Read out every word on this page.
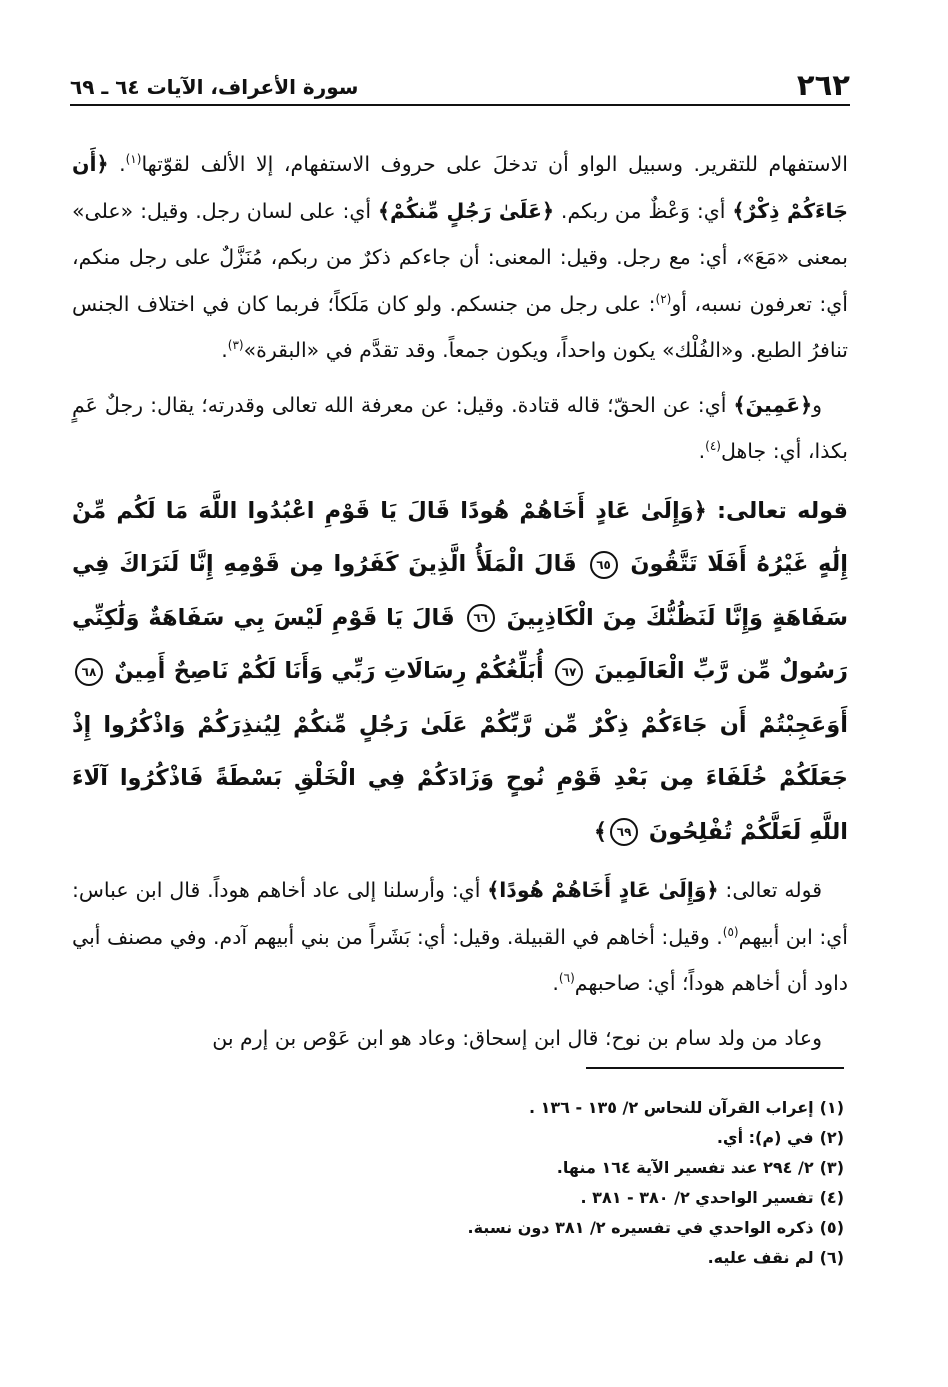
٢٦٢
سورة الأعراف، الآيات ٦٤ ـ ٦٩

الاستفهام للتقرير. وسبيل الواو أن تدخلَ على حروف الاستفهام، إلا الألف لقوّتها$^{(١)}$. ﴿أَن جَاءَكُمْ ذِكْرٌ﴾ أي: وَعْظٌ من ربكم. ﴿عَلَىٰ رَجُلٍ مِّنكُمْ﴾ أي: على لسان رجل. وقيل: «على» بمعنى «مَعَ»، أي: مع رجل. وقيل: المعنى: أن جاءكم ذكرٌ من ربكم، مُنَزَّلٌ على رجل منكم، أي: تعرفون نسبه، أو$^{(٢)}$: على رجل من جنسكم. ولو كان مَلَكاً؛ فربما كان في اختلاف الجنس تنافرُ الطبع. و«الفُلْك» يكون واحداً، ويكون جمعاً. وقد تقدَّم في «البقرة»$^{(٣)}$.

و﴿عَمِينَ﴾ أي: عن الحقّ؛ قاله قتادة. وقيل: عن معرفة الله تعالى وقدرته؛ يقال: رجلٌ عَمٍ بكذا، أي: جاهل$^{(٤)}$.

قوله تعالى: ﴿وَإِلَىٰ عَادٍ أَخَاهُمْ هُودًا قَالَ يَا قَوْمِ اعْبُدُوا اللَّهَ مَا لَكُم مِّنْ إِلَٰهٍ غَيْرُهُ أَفَلَا تَتَّقُونَ ٦٥ قَالَ الْمَلَأُ الَّذِينَ كَفَرُوا مِن قَوْمِهِ إِنَّا لَنَرَاكَ فِي سَفَاهَةٍ وَإِنَّا لَنَظُنُّكَ مِنَ الْكَاذِبِينَ ٦٦ قَالَ يَا قَوْمِ لَيْسَ بِي سَفَاهَةٌ وَلَٰكِنِّي رَسُولٌ مِّن رَّبِّ الْعَالَمِينَ ٦٧ أُبَلِّغُكُمْ رِسَالَاتِ رَبِّي وَأَنَا لَكُمْ نَاصِحٌ أَمِينٌ ٦٨ أَوَعَجِبْتُمْ أَن جَاءَكُمْ ذِكْرٌ مِّن رَّبِّكُمْ عَلَىٰ رَجُلٍ مِّنكُمْ لِيُنذِرَكُمْ وَاذْكُرُوا إِذْ جَعَلَكُمْ خُلَفَاءَ مِن بَعْدِ قَوْمِ نُوحٍ وَزَادَكُمْ فِي الْخَلْقِ بَسْطَةً فَاذْكُرُوا آلَاءَ اللَّهِ لَعَلَّكُمْ تُفْلِحُونَ ٦٩﴾

قوله تعالى: ﴿وَإِلَىٰ عَادٍ أَخَاهُمْ هُودًا﴾ أي: وأرسلنا إلى عاد أخاهم هوداً. قال ابن عباس: أي: ابن أبيهم$^{(٥)}$. وقيل: أخاهم في القبيلة. وقيل: أي: بَشَراً من بني أبيهم آدم. وفي مصنف أبي داود أن أخاهم هوداً؛ أي: صاحبهم$^{(٦)}$.

وعاد من ولد سام بن نوح؛ قال ابن إسحاق: وعاد هو ابن عَوْص بن إرم بن

(١)إعراب القرآن للنحاس ٢/ ١٣٥ - ١٣٦ .
(٢)في (م): أي.
(٣)٢/ ٢٩٤ عند تفسير الآية ١٦٤ منها.
(٤)تفسير الواحدي ٢/ ٣٨٠ - ٣٨١ .
(٥)ذكره الواحدي في تفسيره ٢/ ٣٨١ دون نسبة.
(٦)لم نقف عليه.
